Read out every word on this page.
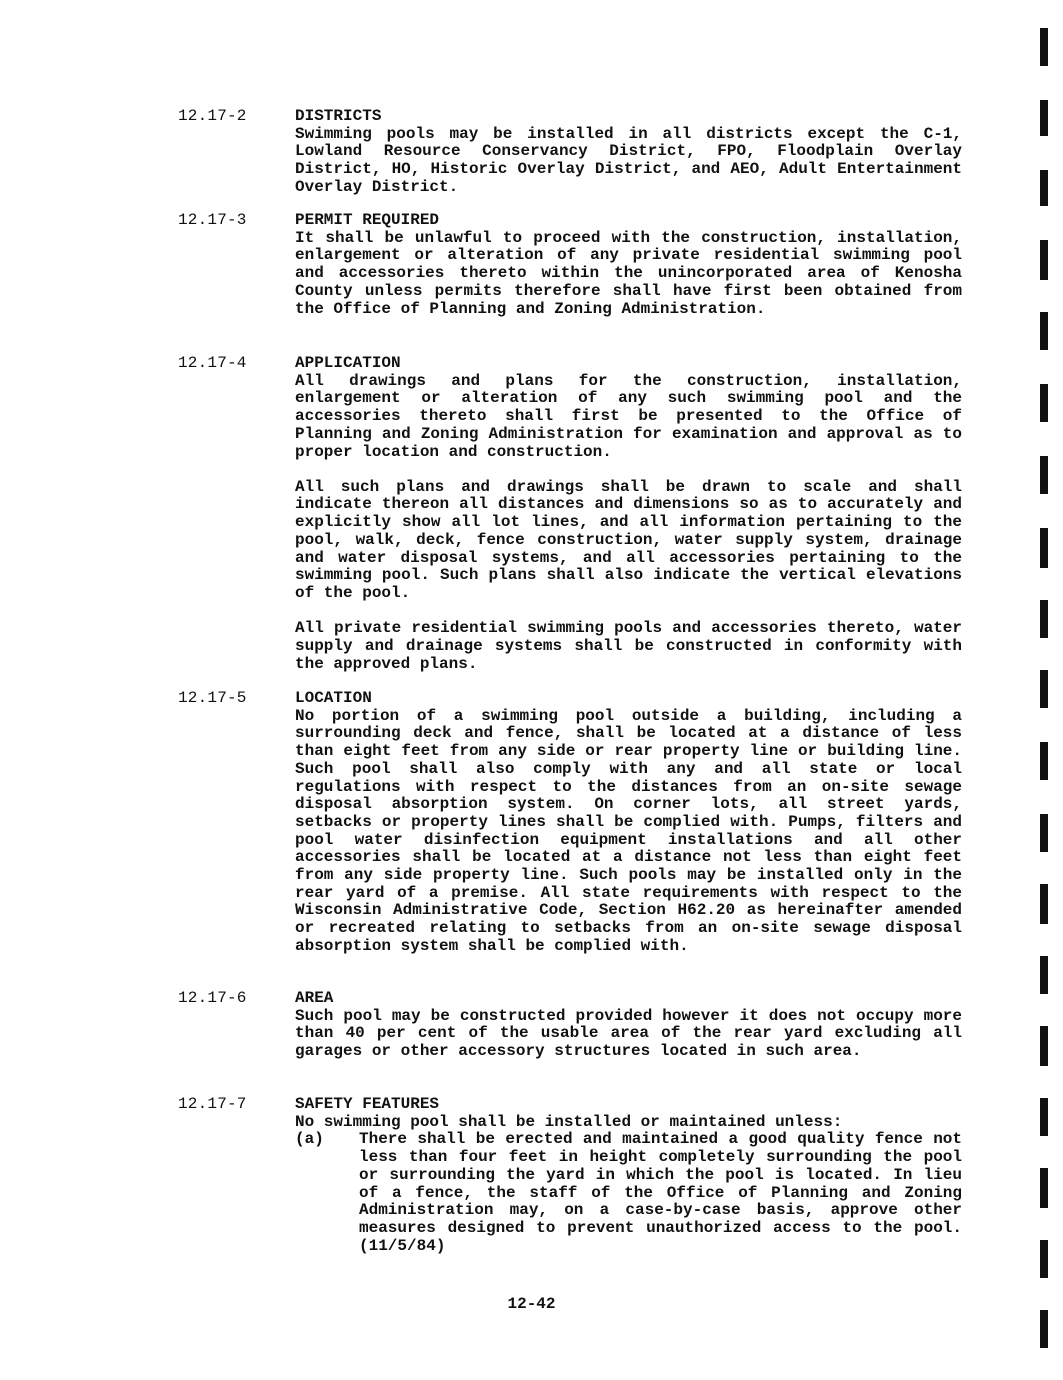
12.17-2	DISTRICTS

Swimming pools may be installed in all districts except the C-1, Lowland Resource Conservancy District, FPO, Floodplain Overlay District, HO, Historic Overlay District, and AEO, Adult Entertainment Overlay District.

12.17-3	PERMIT REQUIRED

It shall be unlawful to proceed with the construction, installation, enlargement or alteration of any private residential swimming pool and accessories thereto within the unincorporated area of Kenosha County unless permits therefore shall have first been obtained from the Office of Planning and Zoning Administration.

12.17-4	APPLICATION

All drawings and plans for the construction, installation, enlargement or alteration of any such swimming pool and the accessories thereto shall first be presented to the Office of Planning and Zoning Administration for examination and approval as to proper location and construction.

All such plans and drawings shall be drawn to scale and shall indicate thereon all distances and dimensions so as to accurately and explicitly show all lot lines, and all information pertaining to the pool, walk, deck, fence construction, water supply system, drainage and water disposal systems, and all accessories pertaining to the swimming pool. Such plans shall also indicate the vertical elevations of the pool.

All private residential swimming pools and accessories thereto, water supply and drainage systems shall be constructed in conformity with the approved plans.

12.17-5	LOCATION

No portion of a swimming pool outside a building, including a surrounding deck and fence, shall be located at a distance of less than eight feet from any side or rear property line or building line. Such pool shall also comply with any and all state or local regulations with respect to the distances from an on-site sewage disposal absorption system. On corner lots, all street yards, setbacks or property lines shall be complied with. Pumps, filters and pool water disinfection equipment installations and all other accessories shall be located at a distance not less than eight feet from any side property line. Such pools may be installed only in the rear yard of a premise. All state requirements with respect to the Wisconsin Administrative Code, Section H62.20 as hereinafter amended or recreated relating to setbacks from an on-site sewage disposal absorption system shall be complied with.

12.17-6	AREA

Such pool may be constructed provided however it does not occupy more than 40 per cent of the usable area of the rear yard excluding all garages or other accessory structures located in such area.

12.17-7	SAFETY FEATURES

No swimming pool shall be installed or maintained unless:

(a)	There shall be erected and maintained a good quality fence not less than four feet in height completely surrounding the pool or surrounding the yard in which the pool is located. In lieu of a fence, the staff of the Office of Planning and Zoning Administration may, on a case-by-case basis, approve other measures designed to prevent unauthorized access to the pool. (11/5/84)
12-42
